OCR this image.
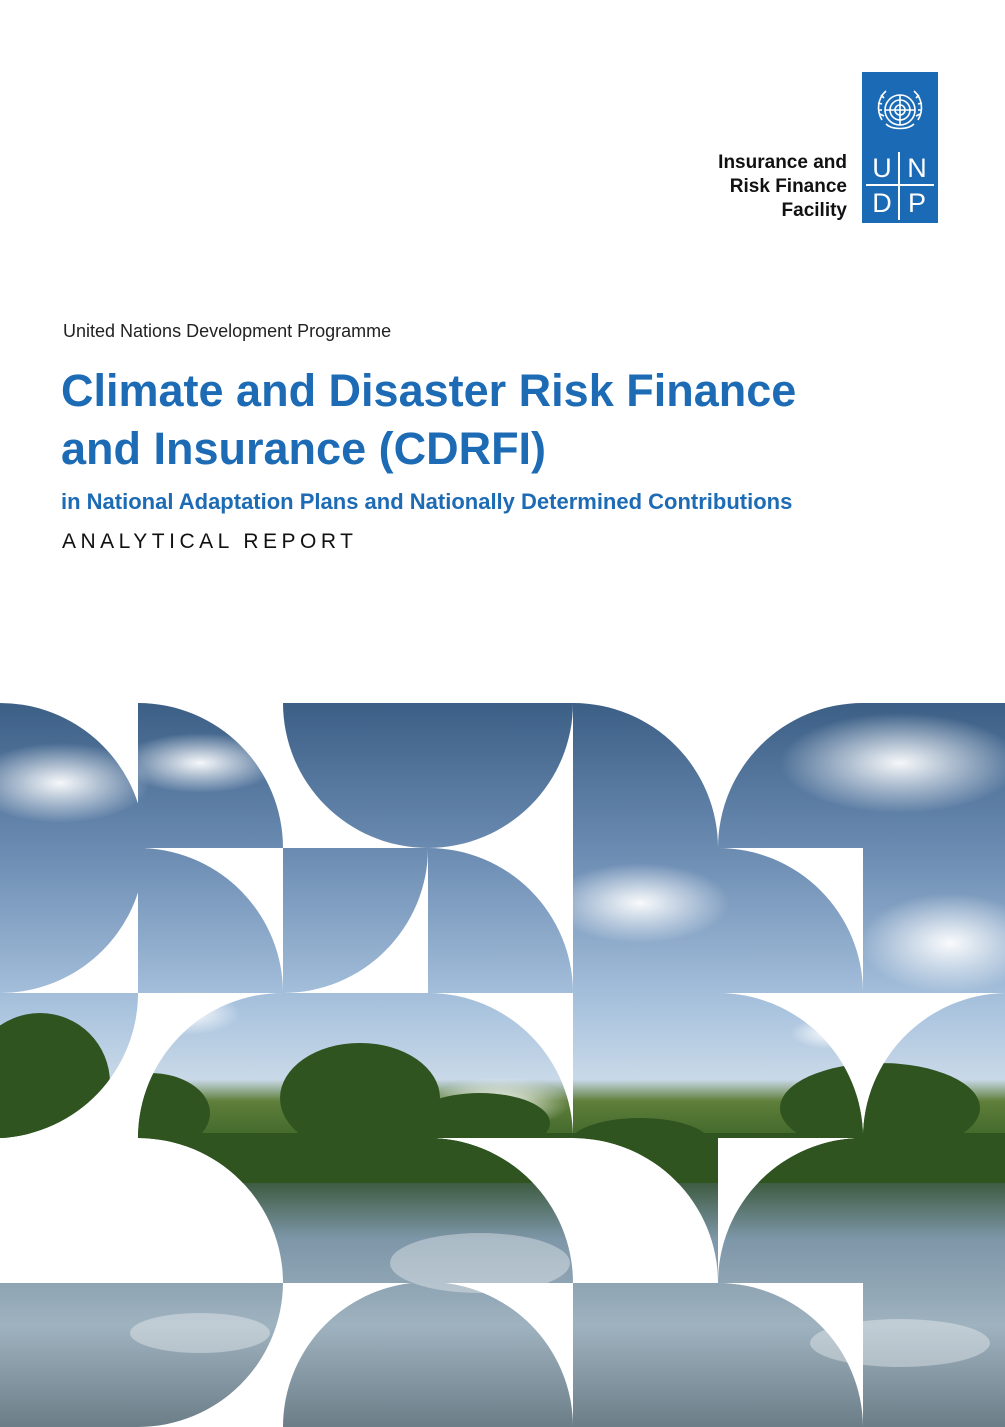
Insurance and
Risk Finance
Facility
U N
D P
United Nations Development Programme
Climate and Disaster Risk Finance
and Insurance (CDRFI)
in National Adaptation Plans and Nationally Determined Contributions
ANALYTICAL REPORT
